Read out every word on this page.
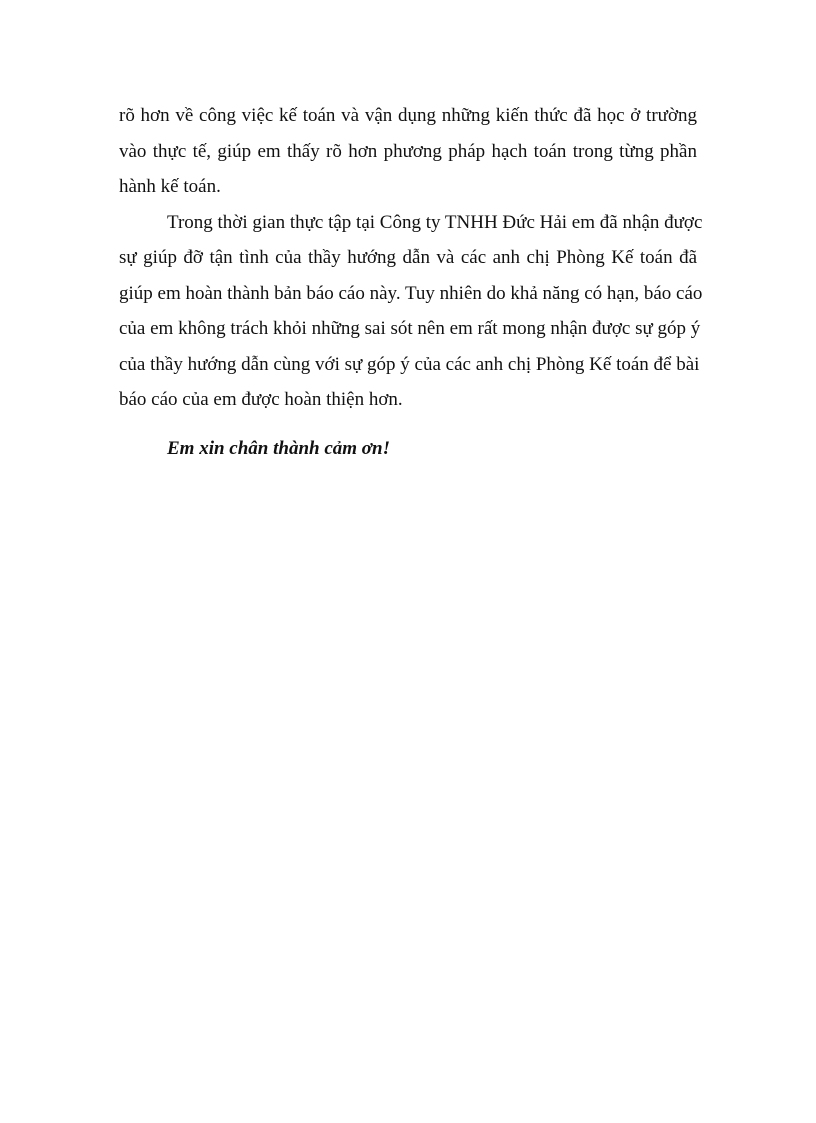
rõ hơn về công việc kế toán và vận dụng những kiến thức đã học ở trường
vào thực tế, giúp em thấy rõ hơn phương pháp hạch toán trong từng phần
hành kế toán.

Trong thời gian thực tập tại Công ty TNHH Đức Hải em đã nhận được
sự giúp đỡ tận tình của thầy hướng dẫn và các anh chị Phòng Kế toán đã
giúp em hoàn thành bản báo cáo này. Tuy nhiên do khả năng có hạn, báo cáo
của em không trách khỏi những sai sót nên em rất mong nhận được sự góp ý
của thầy hướng dẫn cùng với sự góp ý của các anh chị Phòng Kế toán để bài
báo cáo của em được hoàn thiện hơn.

Em xin chân thành cảm ơn!
